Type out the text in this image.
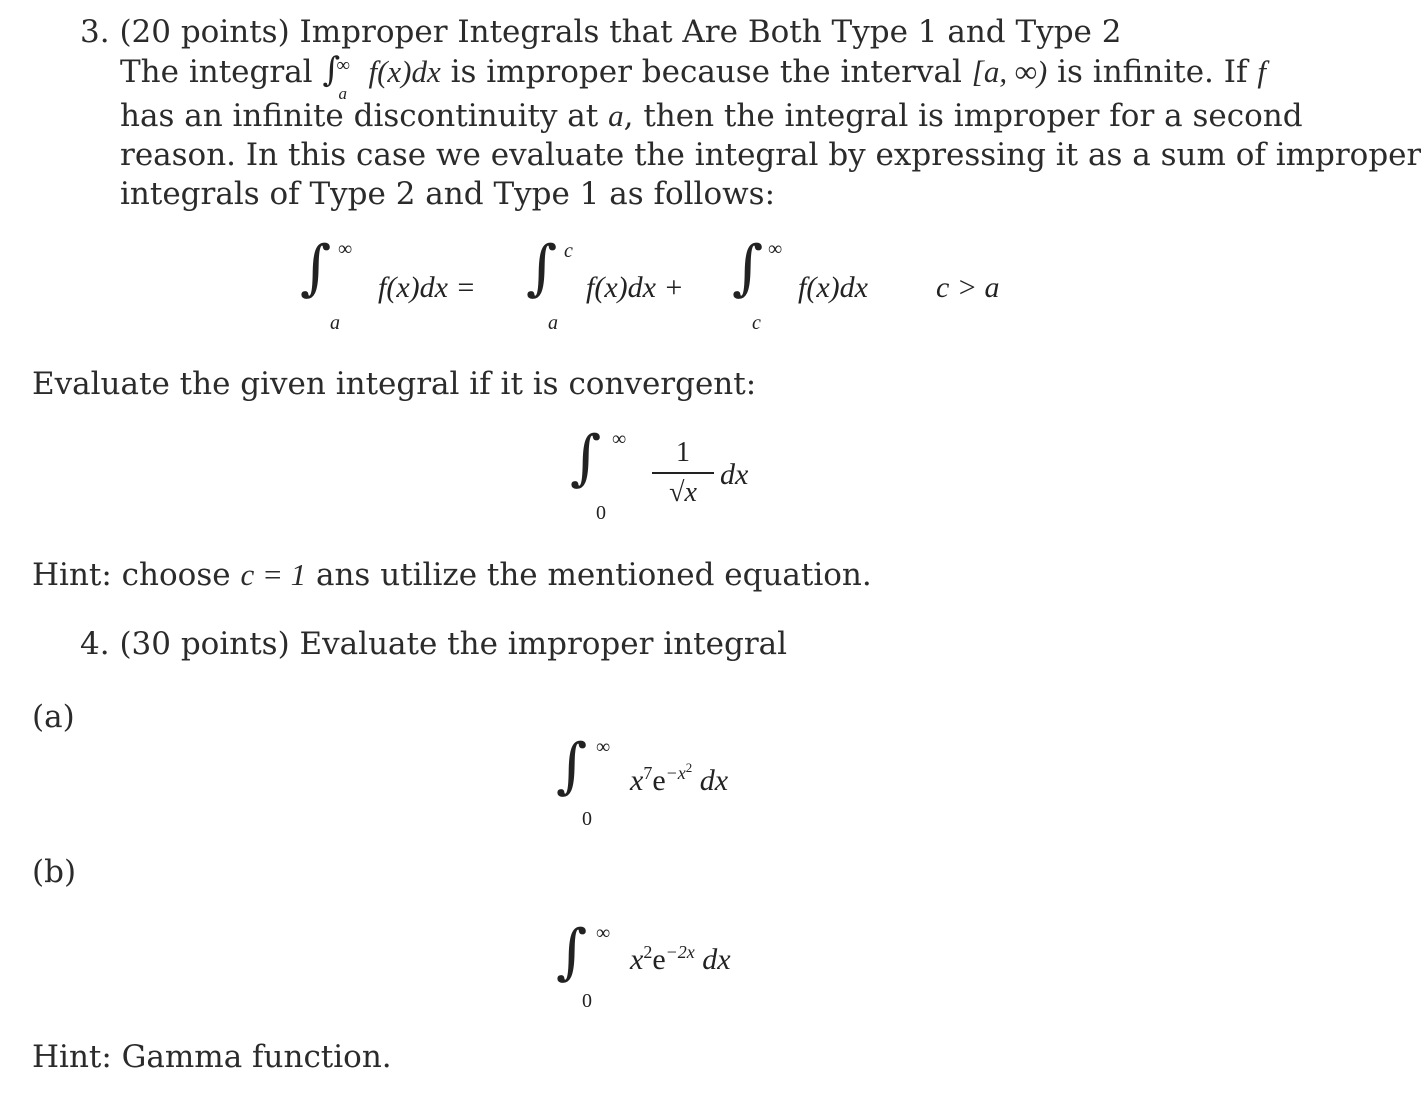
3. (20 points) Improper Integrals that Are Both Type 1 and Type 2
The integral ∫
∞
a
f(x)dx is improper because the interval [a, ∞) is infinite. If f
has an infinite discontinuity at a, then the integral is improper for a second
reason. In this case we evaluate the integral by expressing it as a sum of improper
integrals of Type 2 and Type 1 as follows:
∫ ∞
a
f(x)dx = ∫ c
a
f(x)dx + ∫ ∞
c
f(x)dx c > a
Evaluate the given integral if it is convergent:
∫ ∞
0
1
√x
dx
Hint: choose c = 1 ans utilize the mentioned equation.
4. (30 points) Evaluate the improper integral
(a)
∫ ∞
0
$x^7e^{-x^2}$ dx
(b)
∫ ∞
0
$x^2e^{-2x}$ dx
Hint: Gamma function.
